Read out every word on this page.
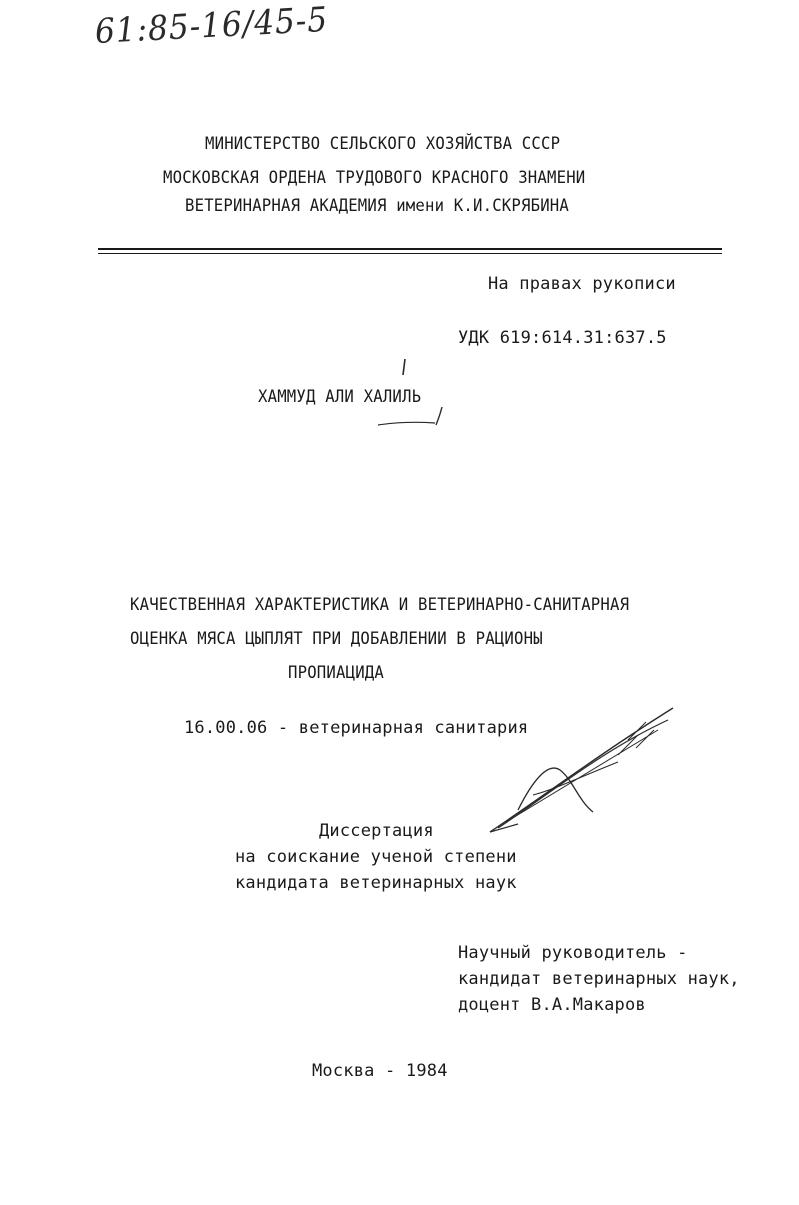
61:85-16/45-5
МИНИСТЕРСТВО СЕЛЬСКОГО ХОЗЯЙСТВА СССР
МОСКОВСКАЯ ОРДЕНА ТРУДОВОГО КРАСНОГО ЗНАМЕНИ
ВЕТЕРИНАРНАЯ АКАДЕМИЯ имени К.И.СКРЯБИНА
На правах рукописи
УДК 619:614.31:637.5
ХАММУД АЛИ ХАЛИЛЬ
КАЧЕСТВЕННАЯ ХАРАКТЕРИСТИКА И ВЕТЕРИНАРНО-САНИТАРНАЯ
ОЦЕНКА МЯСА ЦЫПЛЯТ ПРИ ДОБАВЛЕНИИ В РАЦИОНЫ
ПРОПИАЦИДА
16.00.06 - ветеринарная санитария
Диссертация
на соискание ученой степени
кандидата ветеринарных наук
Научный руководитель -
кандидат ветеринарных наук,
доцент В.А.Макаров
Москва - 1984
